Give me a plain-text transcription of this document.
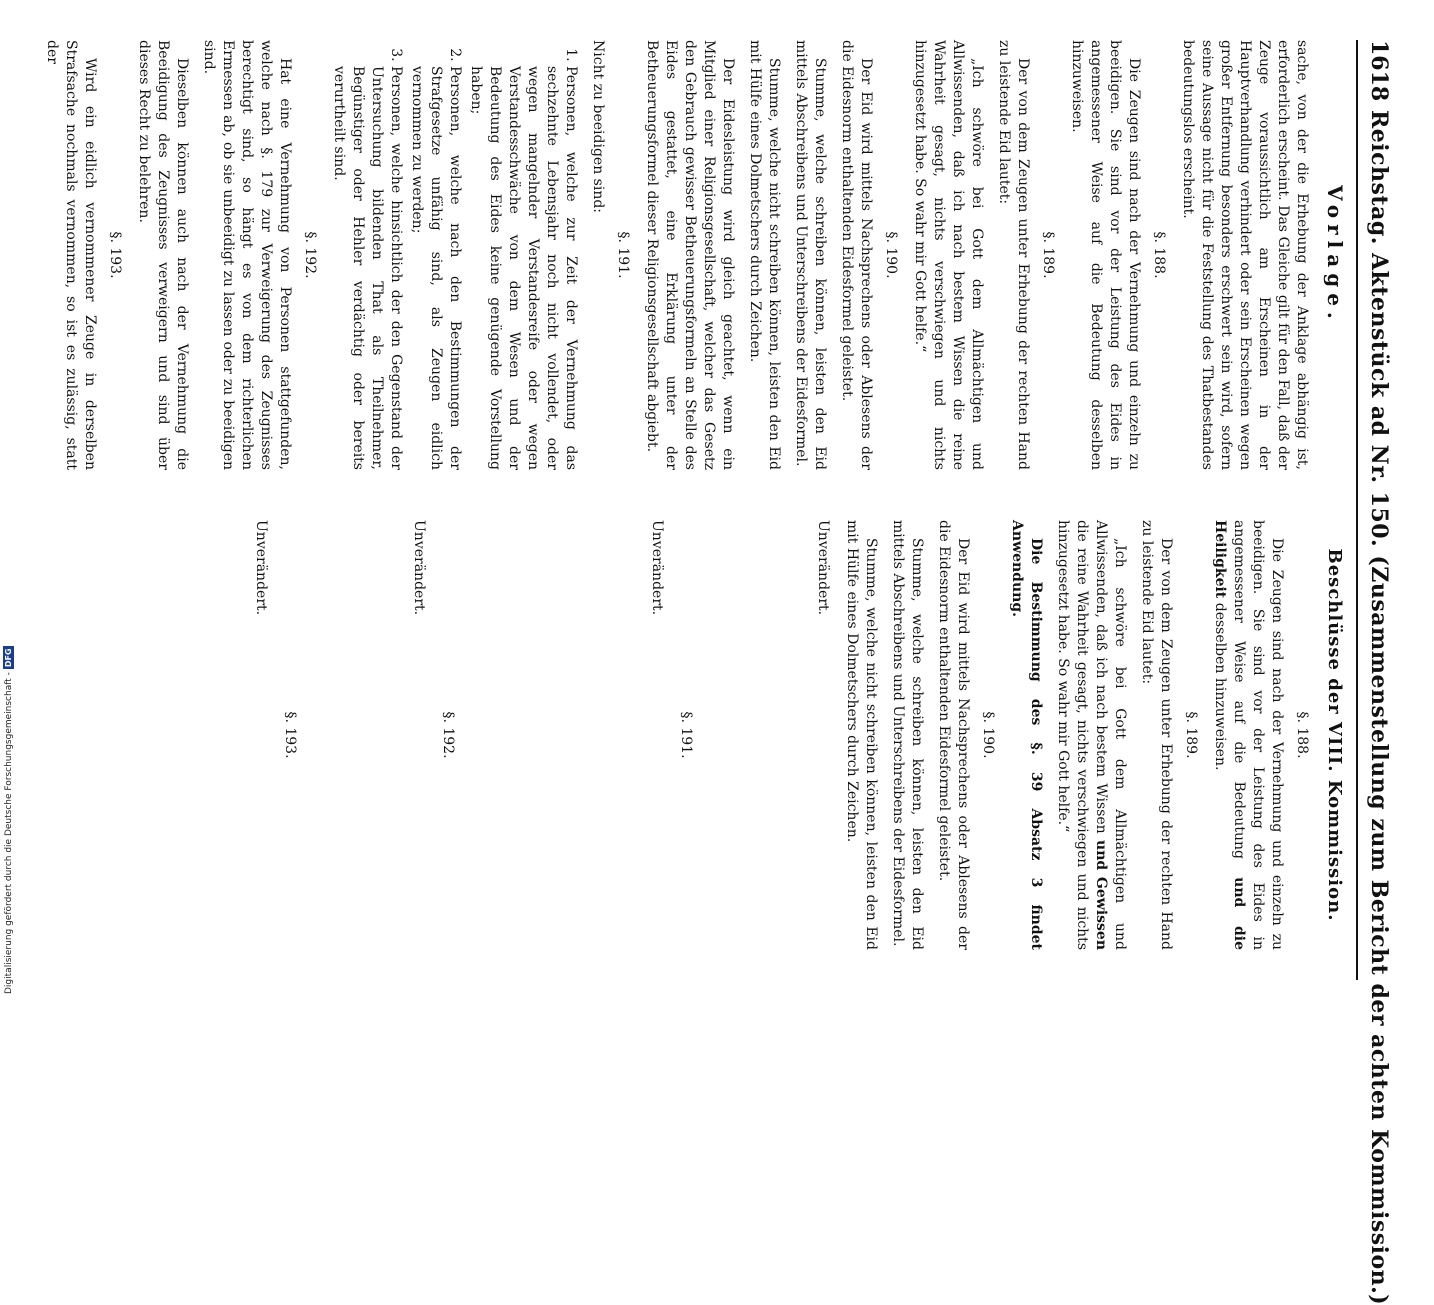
1618
Reichstag. Aktenstück ad Nr. 150. (Zusammenstellung zum Bericht der achten Kommission.)
Vorlage.

sache, von der die Erhebung der Anklage abhängig ist, erforderlich erscheint. Das Gleiche gilt für den Fall, daß der Zeuge voraussichtlich am Erscheinen in der Hauptverhandlung verhindert oder sein Erscheinen wegen großer Entfernung besonders erschwert sein wird, sofern seine Aussage nicht für die Feststellung des Thatbestandes bedeutungslos erscheint.

§. 188.

Die Zeugen sind nach der Vernehmung und einzeln zu beeidigen. Sie sind vor der Leistung des Eides in angemessener Weise auf die Bedeutung desselben hinzuweisen.

§. 189.

Der von dem Zeugen unter Erhebung der rechten Hand zu leistende Eid lautet:

„Ich schwöre bei Gott dem Allmächtigen und Allwissenden, daß ich nach bestem Wissen die reine Wahrheit gesagt, nichts verschwiegen und nichts hinzugesetzt habe. So wahr mir Gott helfe.“

§. 190.

Der Eid wird mittels Nachsprechens oder Ablesens der die Eidesnorm enthaltenden Eidesformel geleistet.

Stumme, welche schreiben können, leisten den Eid mittels Abschreibens und Unterschreibens der Eidesformel.

Stumme, welche nicht schreiben können, leisten den Eid mit Hülfe eines Dolmetschers durch Zeichen.

Der Eidesleistung wird gleich geachtet, wenn ein Mitglied einer Religionsgesellschaft, welcher das Gesetz den Gebrauch gewisser Betheuerungsformeln an Stelle des Eides gestattet, eine Erklärung unter der Betheuerungsformel dieser Religionsgesellschaft abgiebt.

§. 191.

Nicht zu beeidigen sind:

1. Personen, welche zur Zeit der Vernehmung das sechzehnte Lebensjahr noch nicht vollendet, oder wegen mangelnder Verstandesreife oder wegen Verstandesschwäche von dem Wesen und der Bedeutung des Eides keine genügende Vorstellung haben;
2. Personen, welche nach den Bestimmungen der Strafgesetze unfähig sind, als Zeugen eidlich vernommen zu werden;
3. Personen, welche hinsichtlich der den Gegenstand der Untersuchung bildenden That als Theilnehmer, Begünstiger oder Hehler verdächtig oder bereits verurtheilt sind.
§. 192.

Hat eine Vernehmung von Personen stattgefunden, welche nach §. 179 zur Verweigerung des Zeugnisses berechtigt sind, so hängt es von dem richterlichen Ermessen ab, ob sie unbeeidigt zu lassen oder zu beeidigen sind.

Dieselben können auch nach der Vernehmung die Beeidigung des Zeugnisses verweigern und sind über dieses Recht zu belehren.

§. 193.

Wird ein eidlich vernommener Zeuge in derselben Strafsache nochmals vernommen, so ist es zulässig, statt der

Beschlüsse der VIII. Kommission.
§. 188.

Die Zeugen sind nach der Vernehmung und einzeln zu beeidigen. Sie sind vor der Leistung des Eides in angemessener Weise auf die Bedeutung und die Heiligkeit desselben hinzuweisen.

§. 189.

Der von dem Zeugen unter Erhebung der rechten Hand zu leistende Eid lautet:

„Ich schwöre bei Gott dem Allmächtigen und Allwissenden, daß ich nach bestem Wissen und Gewissen die reine Wahrheit gesagt, nichts verschwiegen und nichts hinzugesetzt habe. So wahr mir Gott helfe.“

Die Bestimmung des §. 39 Absatz 3 findet Anwendung.

§. 190.

Der Eid wird mittels Nachsprechens oder Ablesens der die Eidesnorm enthaltenden Eidesformel geleistet.

Stumme, welche schreiben können, leisten den Eid mittels Abschreibens und Unterschreibens der Eidesformel.

Stumme, welche nicht schreiben können, leisten den Eid mit Hülfe eines Dolmetschers durch Zeichen.

Unverändert.
§. 191.
Unverändert.
§. 192.
Unverändert.
§. 193.
Unverändert.
Digitalisierung gefördert durch die Deutsche Forschungsgemeinschaft -DFG
